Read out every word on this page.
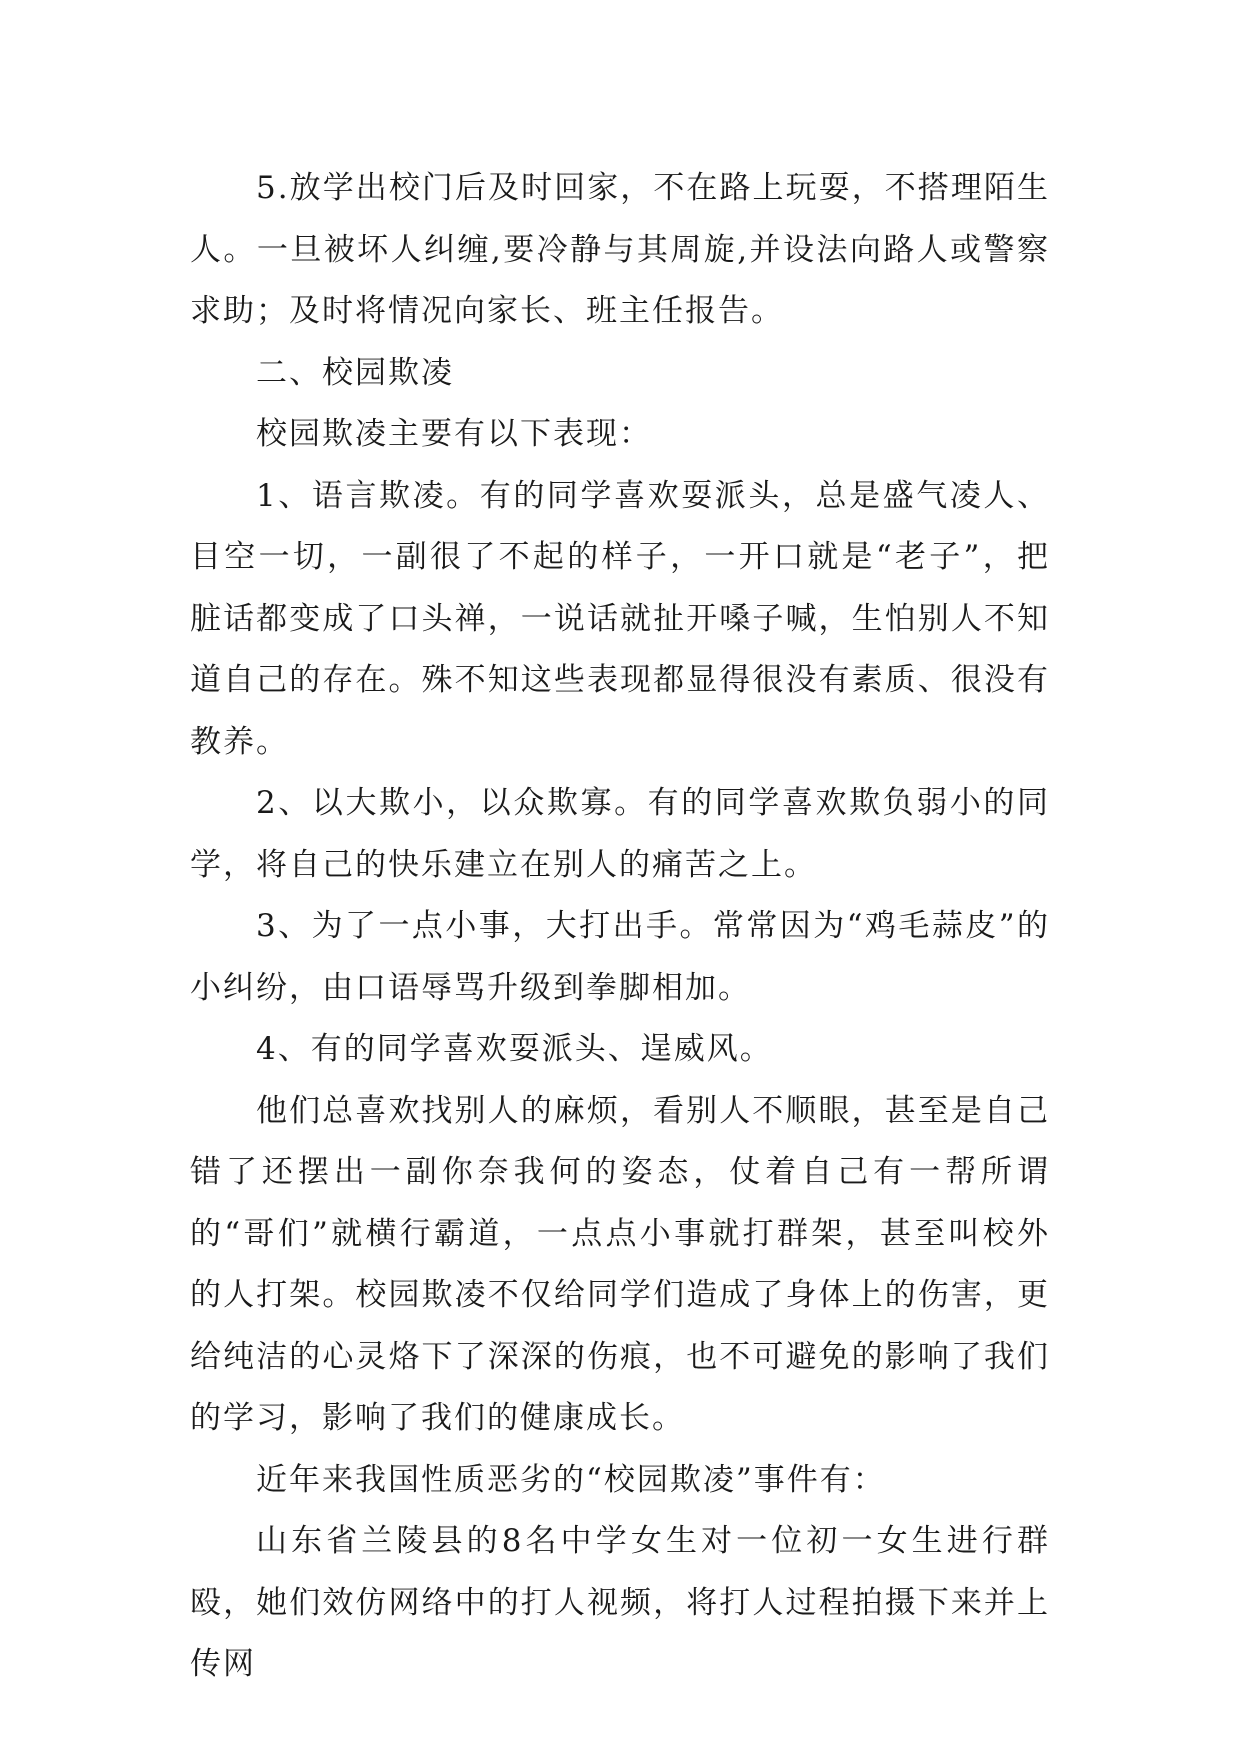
5.放学出校门后及时回家，不在路上玩耍，不搭理陌生人。一旦被坏人纠缠,要冷静与其周旋,并设法向路人或警察求助；及时将情况向家长、班主任报告。

二、校园欺凌

校园欺凌主要有以下表现：

1、语言欺凌。有的同学喜欢耍派头，总是盛气凌人、目空一切，一副很了不起的样子，一开口就是“老子”，把脏话都变成了口头禅，一说话就扯开嗓子喊，生怕别人不知道自己的存在。殊不知这些表现都显得很没有素质、很没有教养。

2、以大欺小，以众欺寡。有的同学喜欢欺负弱小的同学，将自己的快乐建立在别人的痛苦之上。

3、为了一点小事，大打出手。常常因为“鸡毛蒜皮”的小纠纷，由口语辱骂升级到拳脚相加。

4、有的同学喜欢耍派头、逞威风。

他们总喜欢找别人的麻烦，看别人不顺眼，甚至是自己错了还摆出一副你奈我何的姿态，仗着自己有一帮所谓的“哥们”就横行霸道，一点点小事就打群架，甚至叫校外的人打架。校园欺凌不仅给同学们造成了身体上的伤害，更给纯洁的心灵烙下了深深的伤痕，也不可避免的影响了我们的学习，影响了我们的健康成长。

近年来我国性质恶劣的“校园欺凌”事件有：

山东省兰陵县的8名中学女生对一位初一女生进行群殴，她们效仿网络中的打人视频，将打人过程拍摄下来并上传网
